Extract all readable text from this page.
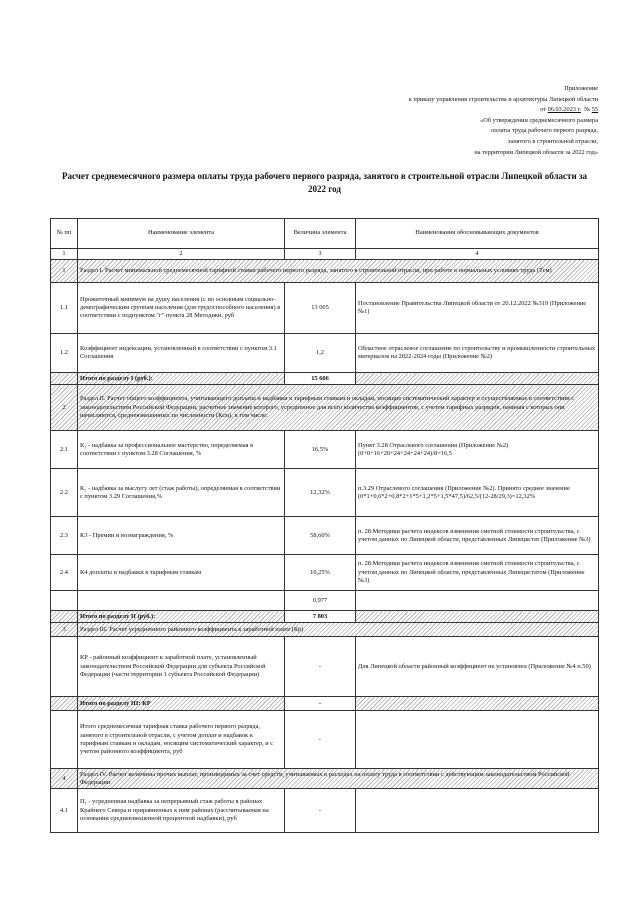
Приложение
к приказу управления строительства и архитектуры Липецкой области
от 06.03.2023 г. № 55
«Об утверждении среднемесячного размера
оплаты труда рабочего первого разряда,
занятого в строительной отрасли,
на территории Липецкой области за 2022 год»
Расчет среднемесячного размера оплаты труда рабочего первого разряда, занятого в строительной отрасли Липецкой области за 2022 год
№ пп	Наименование элемента	Величина элемента	Наименования обосновывающих документов
1	2	3	4
1	Раздел I. Расчет минимальной среднемесячной тарифной ставки рабочего первого разряда, занятого в строительной отрасли, при работе в нормальных условиях труда (Тсм)		
1.1	Прожиточный минимум на душу населения (с по основным социально-демографическим группам населения (для трудоспособного населения) в соответствии с подпунктом "г" пункта 28 Методики, руб	13 005	Постановление Правительства Липецкой области от 20.12.2022 №319 (Приложение №1)
1.2	Коэффициент индексации, установленный в соответствии с пунктом 3.1 Соглашения	1,2	Областное отраслевое соглашение по строительству и промышленности строительных материалов на 2022-2024 годы (Приложение №2)
	Итого по разделу I (руб.):	15 606	
2	Раздел II. Расчет общего коэффициента, учитывающего доплаты и надбавки к тарифным ставкам и окладам, носящие систематический характер и осуществляемые в соответствии с законодательством Российской Федерации, расчетное значение которого, усредненное для всего количества коэффициентов, с учетом тарифных разрядов, начиная с которых они начисляются, средневзвешенных по численности (Ксм), в том числе:		
2.1	К₁ - надбавка за профессиональное мастерство, определяемая в соответствии с пунктом 3.28 Соглашения, %	16,5%	Пункт 3.28 Отраслевого соглашения (Приложение №2) (0+0+16+20+24+24+24+24)/8=16,5
2.2	К₂ - надбавка за выслугу лет (стаж работы), определяемая в соответствии с пунктом 3.29 Соглашения,%	12,32%	п.3.29 Отраслевого соглашения (Приложение №2). Принято среднее значение (0*1+0,6*2+0,8*2+1*5+1,2*5+1,5*47,5)/62,5/(12-28/29,3)=12,32%
2.3	К3 - Премии и вознаграждения, %	58,60%	п. 28 Методики расчета индексов изменения сметной стоимости строительства, с учетом данных по Липецкой области, представленных Липецкстат (Приложение №3)
2.4	К4 доплаты и надбавки к тарифным ставкам	10,25%	п. 28 Методики расчета индексов изменения сметной стоимости строительства, с учетом данных по Липецкой области, представленных Липецкстатом (Приложение №3)
		0,977	
	Итого по разделу II (руб.):	7 803	
3	Раздел III. Расчет усредненного районного коэффициента к заработной плате (Кр)		
	КР - районный коэффициент к заработной плате, установленный законодательством Российской Федерации для субъекта Российской Федерации (части территории 1 субъекта Российской Федерации)	-	Для Липецкой области районный коэффициент не установлен (Приложение №4 п.50)
	Итого по разделу III: КР	-	
	Итого среднемесячная тарифная ставка рабочего первого разряда, занятого в строительной отрасли, с учетом доплат и надбавок к тарифным ставкам и окладам, носящим систематический характер, и с учетом районного коэффициента, руб	-	
4	Раздел IV. Расчет величины прочих выплат, производимых за счет средств, учитываемых в расходах на оплату труда в соответствии с действующим законодательством Российской Федерации		
4.1	П₁ - усредненная надбавка за непрерывный стаж работы в районах Крайнего Севера и приравненных к ним районах (рассчитываемая на основании средневзвешенной процентной надбавки), руб	-	
